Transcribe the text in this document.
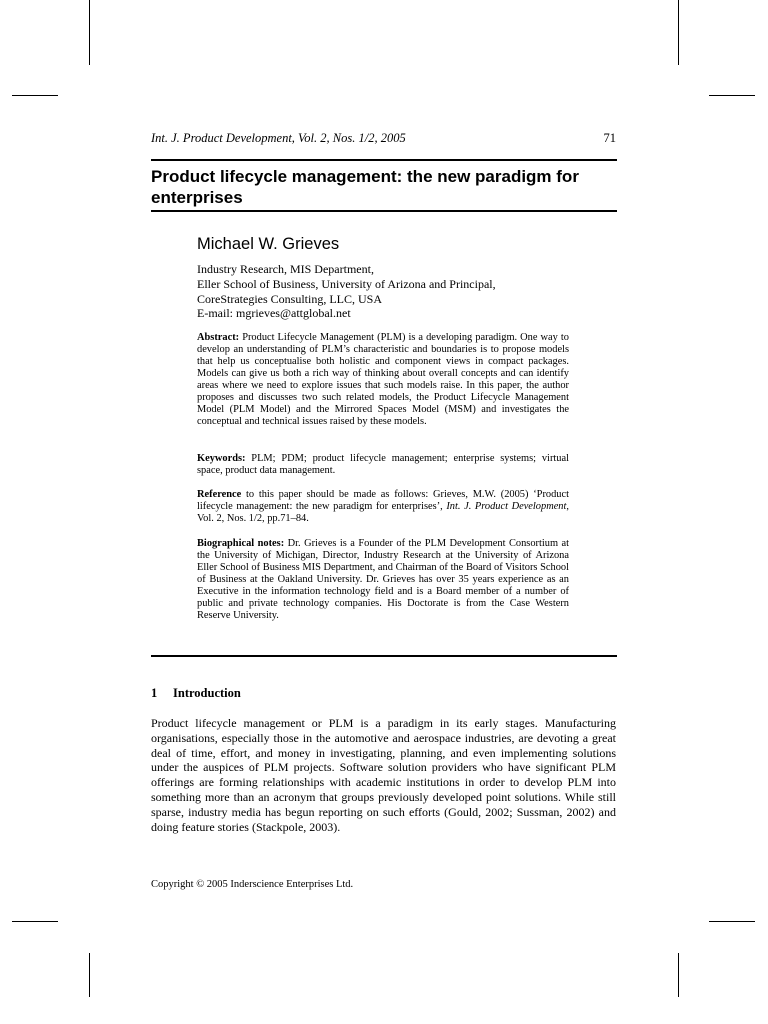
Int. J. Product Development, Vol. 2, Nos. 1/2, 2005	71
Product lifecycle management: the new paradigm for enterprises
Michael W. Grieves
Industry Research, MIS Department,
Eller School of Business, University of Arizona and Principal,
CoreStrategies Consulting, LLC, USA
E-mail: mgrieves@attglobal.net
Abstract: Product Lifecycle Management (PLM) is a developing paradigm. One way to develop an understanding of PLM’s characteristic and boundaries is to propose models that help us conceptualise both holistic and component views in compact packages. Models can give us both a rich way of thinking about overall concepts and can identify areas where we need to explore issues that such models raise. In this paper, the author proposes and discusses two such related models, the Product Lifecycle Management Model (PLM Model) and the Mirrored Spaces Model (MSM) and investigates the conceptual and technical issues raised by these models.
Keywords: PLM; PDM; product lifecycle management; enterprise systems; virtual space, product data management.
Reference to this paper should be made as follows: Grieves, M.W. (2005) ‘Product lifecycle management: the new paradigm for enterprises’, Int. J. Product Development, Vol. 2, Nos. 1/2, pp.71–84.
Biographical notes: Dr. Grieves is a Founder of the PLM Development Consortium at the University of Michigan, Director, Industry Research at the University of Arizona Eller School of Business MIS Department, and Chairman of the Board of Visitors School of Business at the Oakland University. Dr. Grieves has over 35 years experience as an Executive in the information technology field and is a Board member of a number of public and private technology companies. His Doctorate is from the Case Western Reserve University.
1 Introduction
Product lifecycle management or PLM is a paradigm in its early stages. Manufacturing organisations, especially those in the automotive and aerospace industries, are devoting a great deal of time, effort, and money in investigating, planning, and even implementing solutions under the auspices of PLM projects. Software solution providers who have significant PLM offerings are forming relationships with academic institutions in order to develop PLM into something more than an acronym that groups previously developed point solutions. While still sparse, industry media has begun reporting on such efforts (Gould, 2002; Sussman, 2002) and doing feature stories (Stackpole, 2003).
Copyright © 2005 Inderscience Enterprises Ltd.
